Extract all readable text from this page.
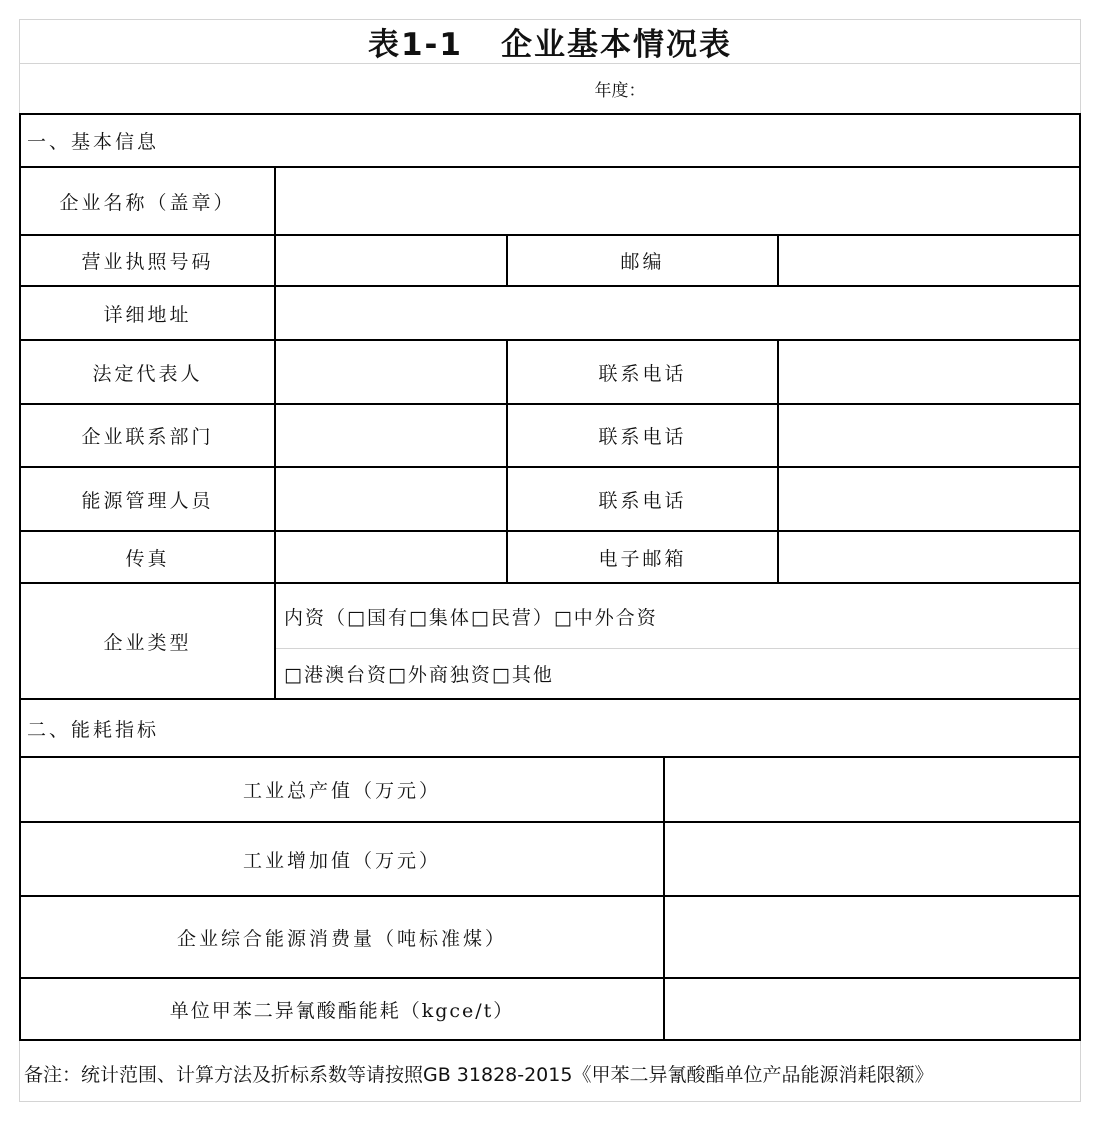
表1-1 企业基本情况表
年度：
一、基本信息
企业名称（盖章）
营业执照号码	邮编
详细地址
法定代表人	联系电话
企业联系部门	联系电话
能源管理人员	联系电话
传真	电子邮箱
企业类型
内资（□国有□集体□民营）□中外合资
□港澳台资□外商独资□其他
二、能耗指标
工业总产值（万元）
工业增加值（万元）
企业综合能源消费量（吨标准煤）
单位甲苯二异氰酸酯能耗（kgce/t）
备注：统计范围、计算方法及折标系数等请按照GB 31828-2015《甲苯二异氰酸酯单位产品能源消耗限额》
